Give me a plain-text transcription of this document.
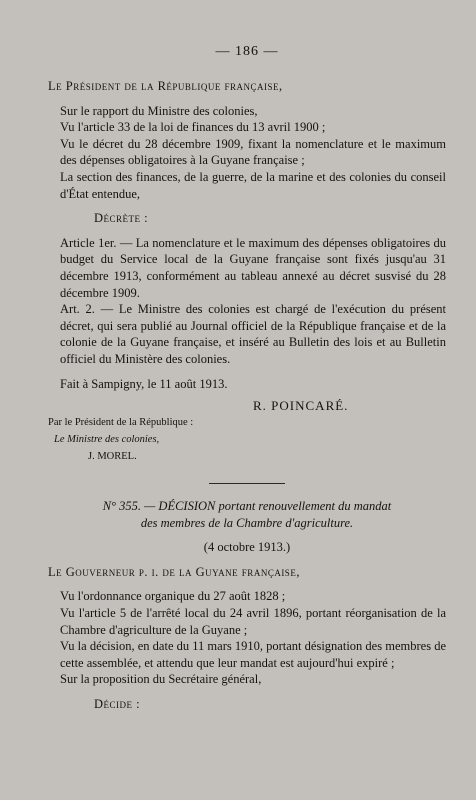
— 186 —
Le Président de la République française,
Sur le rapport du Ministre des colonies,
Vu l'article 33 de la loi de finances du 13 avril 1900 ;
Vu le décret du 28 décembre 1909, fixant la nomenclature et le maximum des dépenses obligatoires à la Guyane française ;
La section des finances, de la guerre, de la marine et des colonies du conseil d'État entendue,
Décrète :
Article 1er. — La nomenclature et le maximum des dépenses obligatoires du budget du Service local de la Guyane française sont fixés jusqu'au 31 décembre 1913, conformément au tableau annexé au décret susvisé du 28 décembre 1909.
Art. 2. — Le Ministre des colonies est chargé de l'exécution du présent décret, qui sera publié au Journal officiel de la République française et de la colonie de la Guyane française, et inséré au Bulletin des lois et au Bulletin officiel du Ministère des colonies.
Fait à Sampigny, le 11 août 1913.
R. POINCARÉ.
Par le Président de la République :
Le Ministre des colonies,
J. MOREL.
N° 355. — DÉCISION portant renouvellement du mandat
des membres de la Chambre d'agriculture.
(4 octobre 1913.)
Le Gouverneur p. i. de la Guyane française,
Vu l'ordonnance organique du 27 août 1828 ;
Vu l'article 5 de l'arrêté local du 24 avril 1896, portant réorganisation de la Chambre d'agriculture de la Guyane ;
Vu la décision, en date du 11 mars 1910, portant désignation des membres de cette assemblée, et attendu que leur mandat est aujourd'hui expiré ;
Sur la proposition du Secrétaire général,
Décide :
